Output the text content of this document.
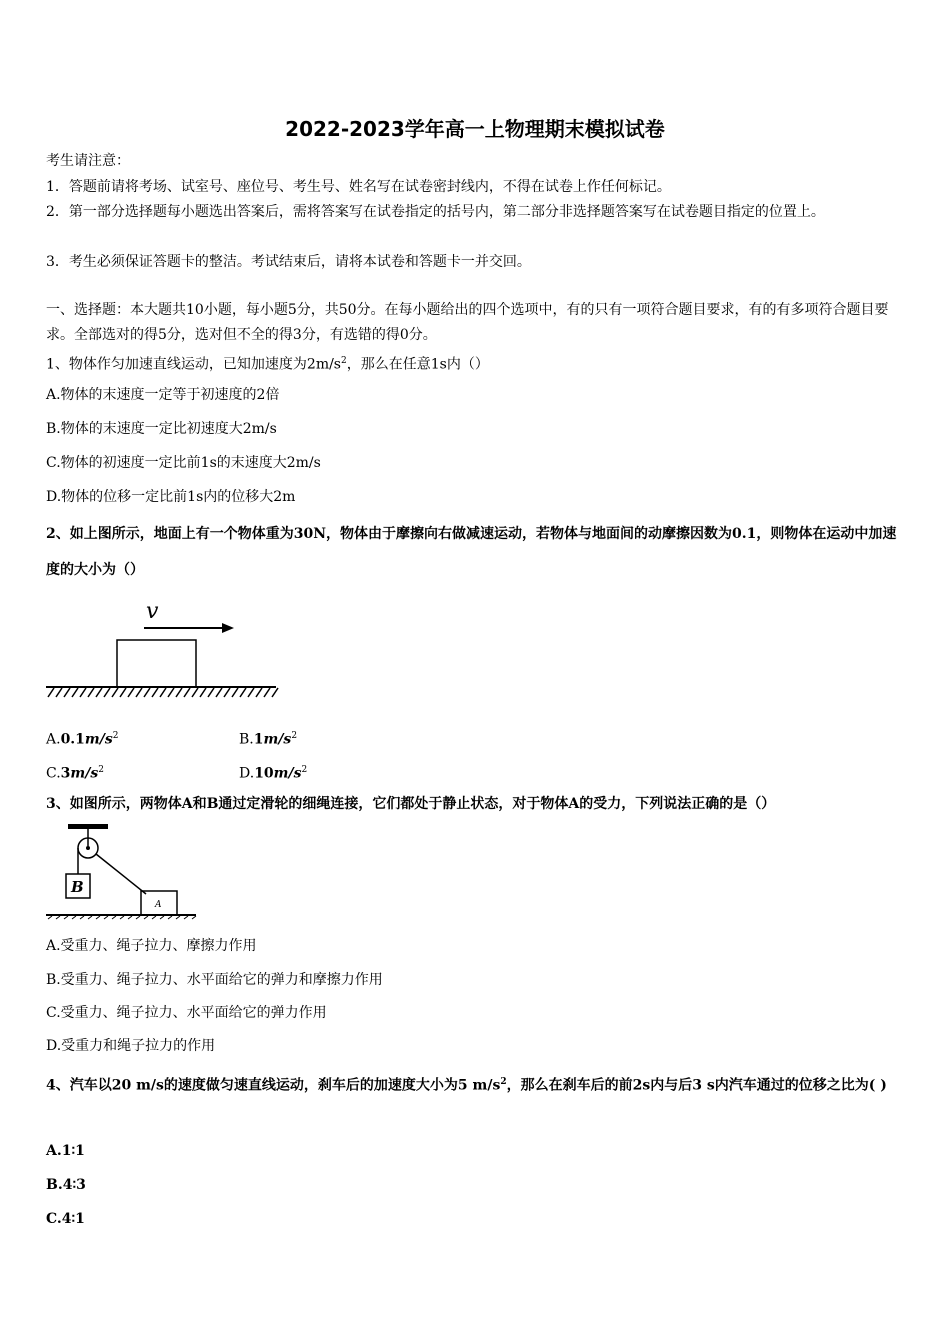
2022-2023学年高一上物理期末模拟试卷
考生请注意：
1．答题前请将考场、试室号、座位号、考生号、姓名写在试卷密封线内，不得在试卷上作任何标记。
2．第一部分选择题每小题选出答案后，需将答案写在试卷指定的括号内，第二部分非选择题答案写在试卷题目指定的位置上。
3．考生必须保证答题卡的整洁。考试结束后，请将本试卷和答题卡一并交回。
一、选择题：本大题共10小题，每小题5分，共50分。在每小题给出的四个选项中，有的只有一项符合题目要求，有的有多项符合题目要求。全部选对的得5分，选对但不全的得3分，有选错的得0分。
1、物体作匀加速直线运动，已知加速度为$2m/s^2$，那么在任意1s内（）
A.物体的末速度一定等于初速度的2倍
B.物体的末速度一定比初速度大2m/s
C.物体的初速度一定比前1s的末速度大2m/s
D.物体的位移一定比前1s内的位移大2m
2、如上图所示，地面上有一个物体重为30N，物体由于摩擦向右做减速运动，若物体与地面间的动摩擦因数为0.1，则物体在运动中加速度的大小为（）
v
$A.0.1m/s^2$	$B.1m/s^2$
$C.3m/s^2$	$D.10m/s^2$
3、如图所示，两物体A和B通过定滑轮的细绳连接，它们都处于静止状态，对于物体A的受力，下列说法正确的是（）
B
A
A.受重力、绳子拉力、摩擦力作用
B.受重力、绳子拉力、水平面给它的弹力和摩擦力作用
C.受重力、绳子拉力、水平面给它的弹力作用
D.受重力和绳子拉力的作用
4、汽车以20 m/s的速度做匀速直线运动，刹车后的加速度大小为5 $m/s^2$，那么在刹车后的前2s内与后3 s内汽车通过的位移之比为( )
A.1∶1
B.4∶3
C.4∶1
